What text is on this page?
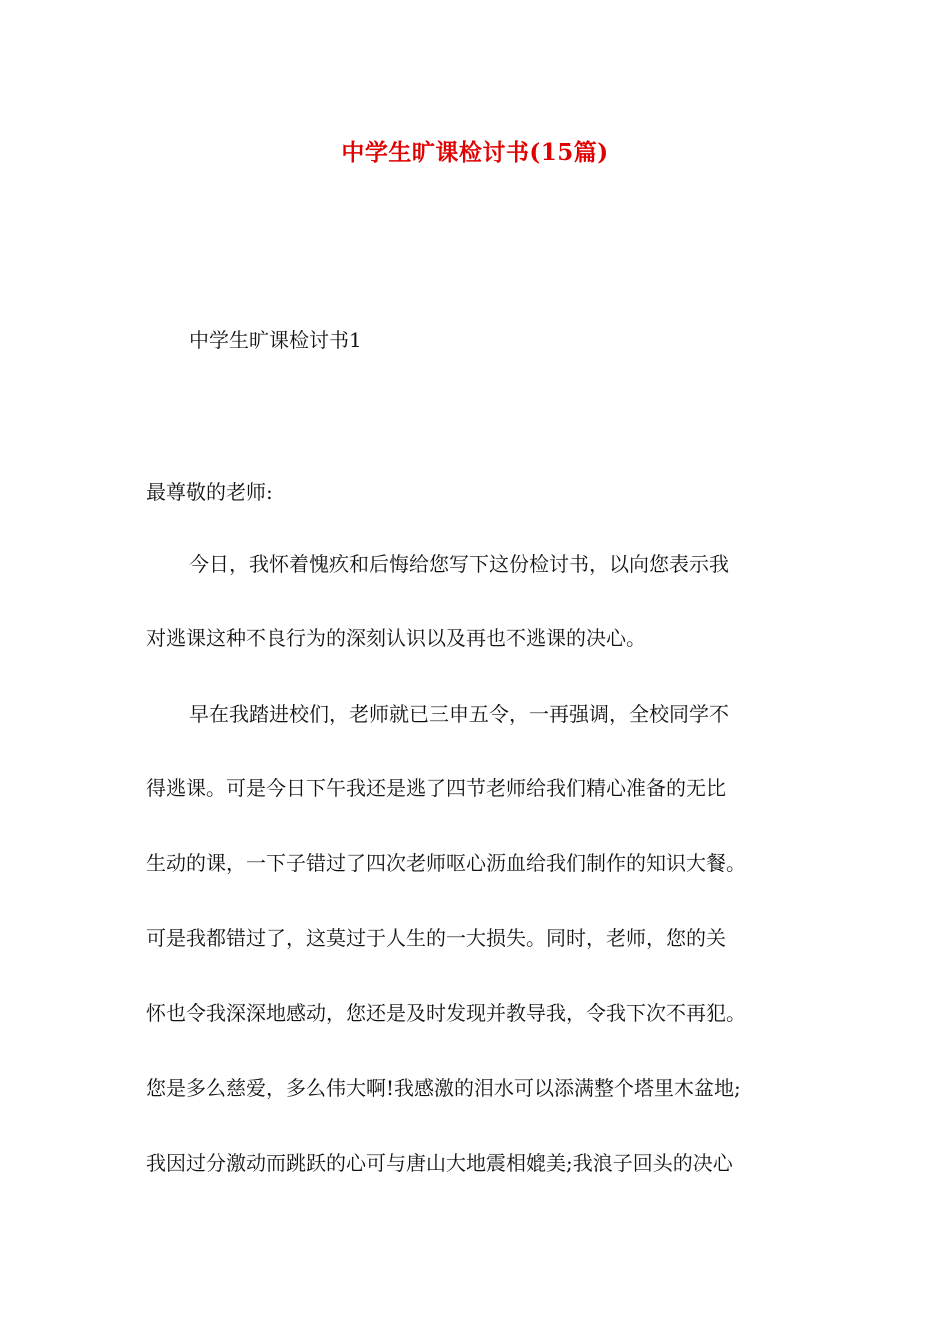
中学生旷课检讨书(15篇)
中学生旷课检讨书1
最尊敬的老师:
今日，我怀着愧疚和后悔给您写下这份检讨书，以向您表示我
对逃课这种不良行为的深刻认识以及再也不逃课的决心。
早在我踏进校们，老师就已三申五令，一再强调，全校同学不
得逃课。可是今日下午我还是逃了四节老师给我们精心准备的无比
生动的课，一下子错过了四次老师呕心沥血给我们制作的知识大餐。
可是我都错过了，这莫过于人生的一大损失。同时，老师，您的关
怀也令我深深地感动，您还是及时发现并教导我，令我下次不再犯。
您是多么慈爱，多么伟大啊!我感激的泪水可以添满整个塔里木盆地;
我因过分激动而跳跃的心可与唐山大地震相媲美;我浪子回头的决心
